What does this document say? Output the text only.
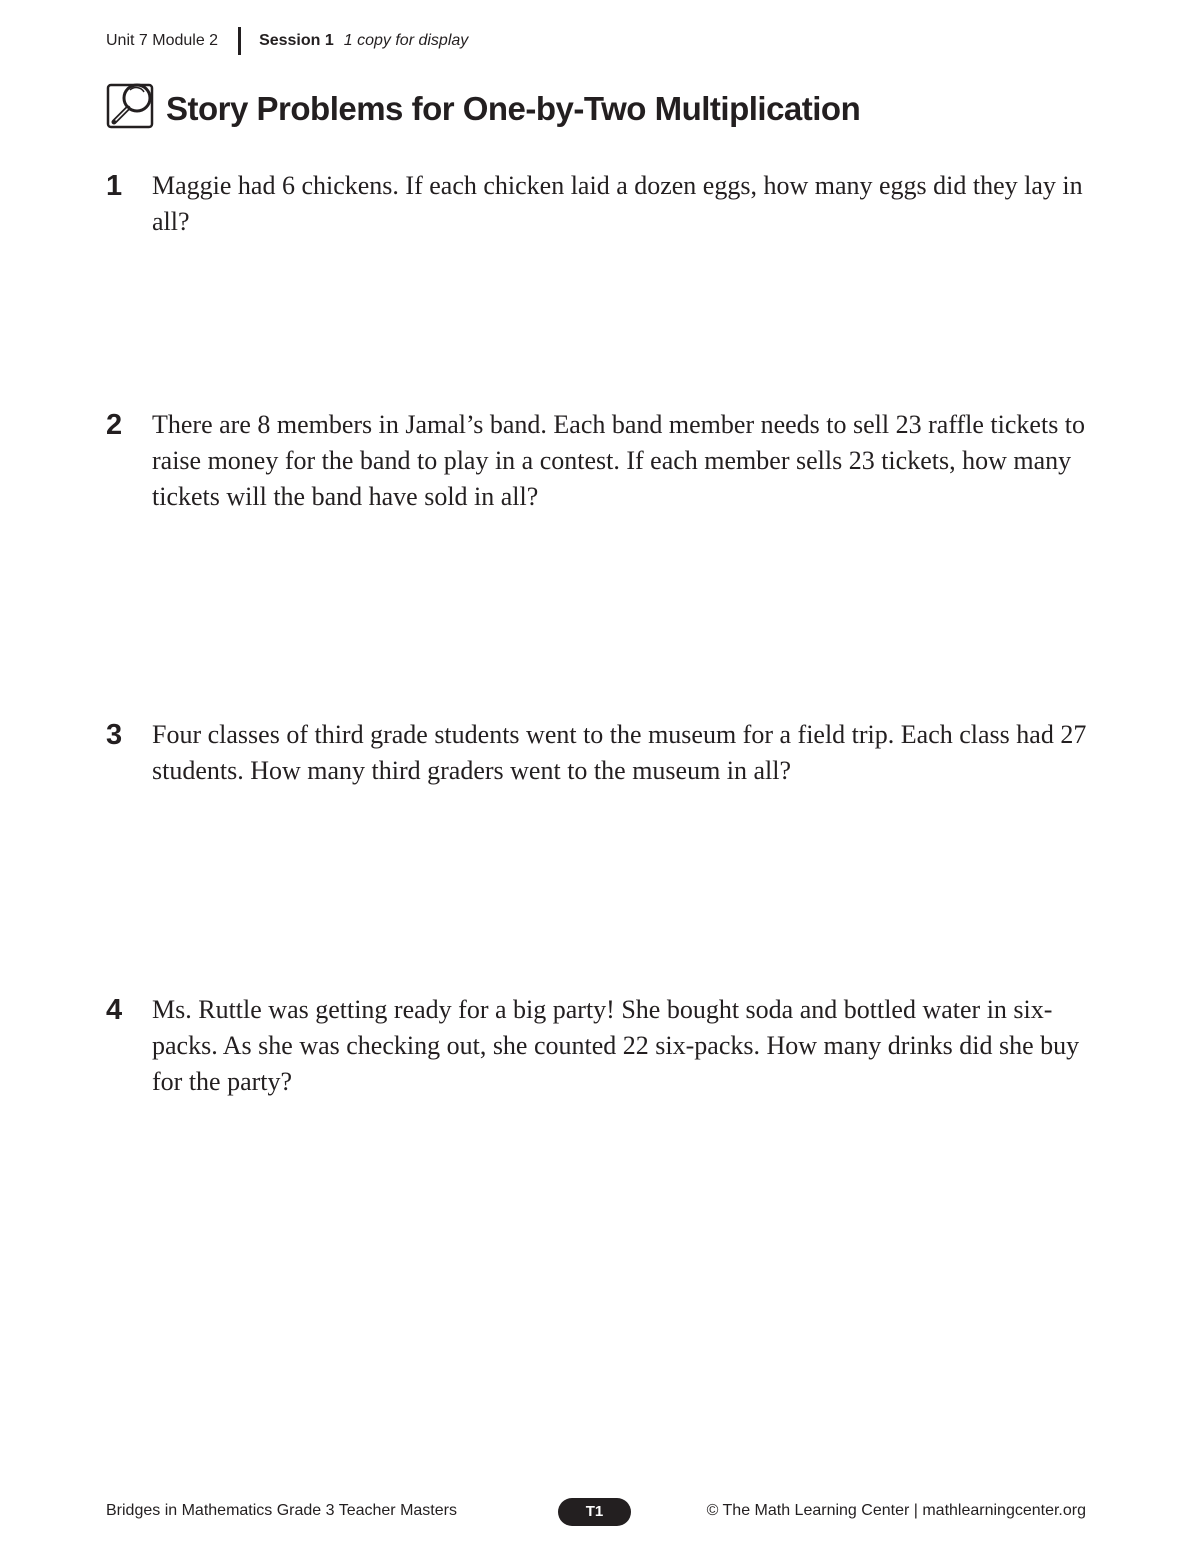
Unit 7 Module 2	Session 1 1 copy for display
Story Problems for One-by-Two Multiplication
1	Maggie had 6 chickens. If each chicken laid a dozen eggs, how many eggs did they lay in all?
2	There are 8 members in Jamal’s band. Each band member needs to sell 23 raffle tickets to raise money for the band to play in a contest. If each member sells 23 tickets, how many tickets will the band have sold in all?
3	Four classes of third grade students went to the museum for a field trip. Each class had 27 students. How many third graders went to the museum in all?
4	Ms. Ruttle was getting ready for a big party! She bought soda and bottled water in six-packs. As she was checking out, she counted 22 six-packs. How many drinks did she buy for the party?
Bridges in Mathematics Grade 3 Teacher Masters	T1	© The Math Learning Center | mathlearningcenter.org
